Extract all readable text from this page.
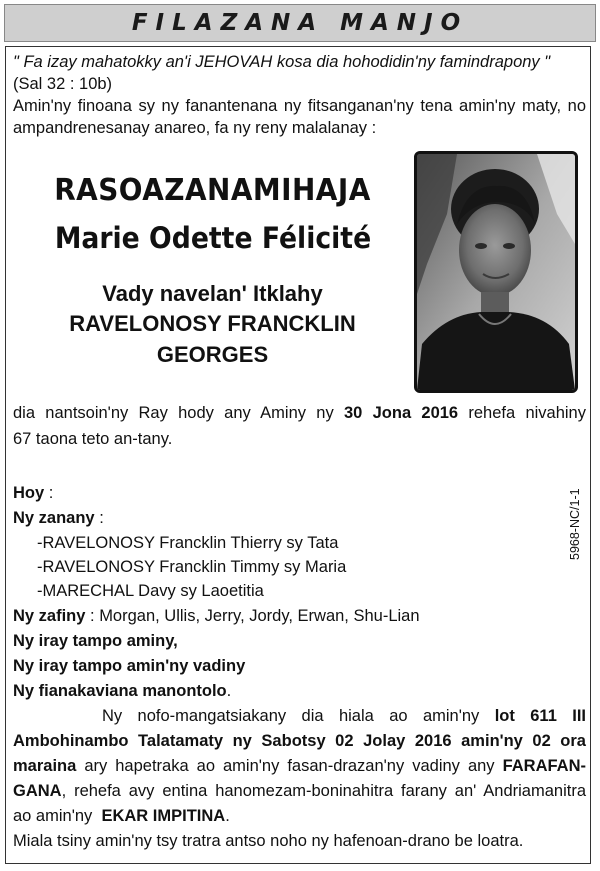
FILAZANA MANJO
" Fa izay mahatokky an'i JEHOVAH kosa dia hohodidin'ny famindrapony "
(Sal 32 : 10b)
Amin'ny finoana sy ny fanantenana ny fitsanganan'ny tena amin'ny maty, no
ampandrenesanay anareo, fa ny reny malalanay :
RASOAZANAMIHAJA
Marie Odette Félicité
Vady navelan' Itklahy
RAVELONOSY FRANCKLIN
GEORGES
dia nantsoin'ny Ray hody any Aminy ny 30 Jona 2016 rehefa nivahiny
67 taona teto an-tany.
Hoy :
Ny zanany :
-RAVELONOSY Francklin Thierry sy Tata
-RAVELONOSY Francklin Timmy sy Maria
-MARECHAL Davy sy Laoetitia
Ny zafiny : Morgan, Ullis, Jerry, Jordy, Erwan, Shu-Lian
Ny iray tampo aminy,
Ny iray tampo amin'ny vadiny
Ny fianakaviana manontolo.
Ny nofo-mangatsiakany dia hiala ao amin'ny lot 611 III
Ambohinambo Talatamaty ny Sabotsy 02 Jolay 2016 amin'ny 02 ora
maraina ary hapetraka ao amin'ny fasan-drazan'ny vadiny any FARAFAN-
GANA, rehefa avy entina hanomezam-boninahitra farany an' Andriamanitra
ao amin'ny EKAR IMPITINA.
Miala tsiny amin'ny tsy tratra antso noho ny hafenoan-drano be loatra.
5968-NC/1-1
